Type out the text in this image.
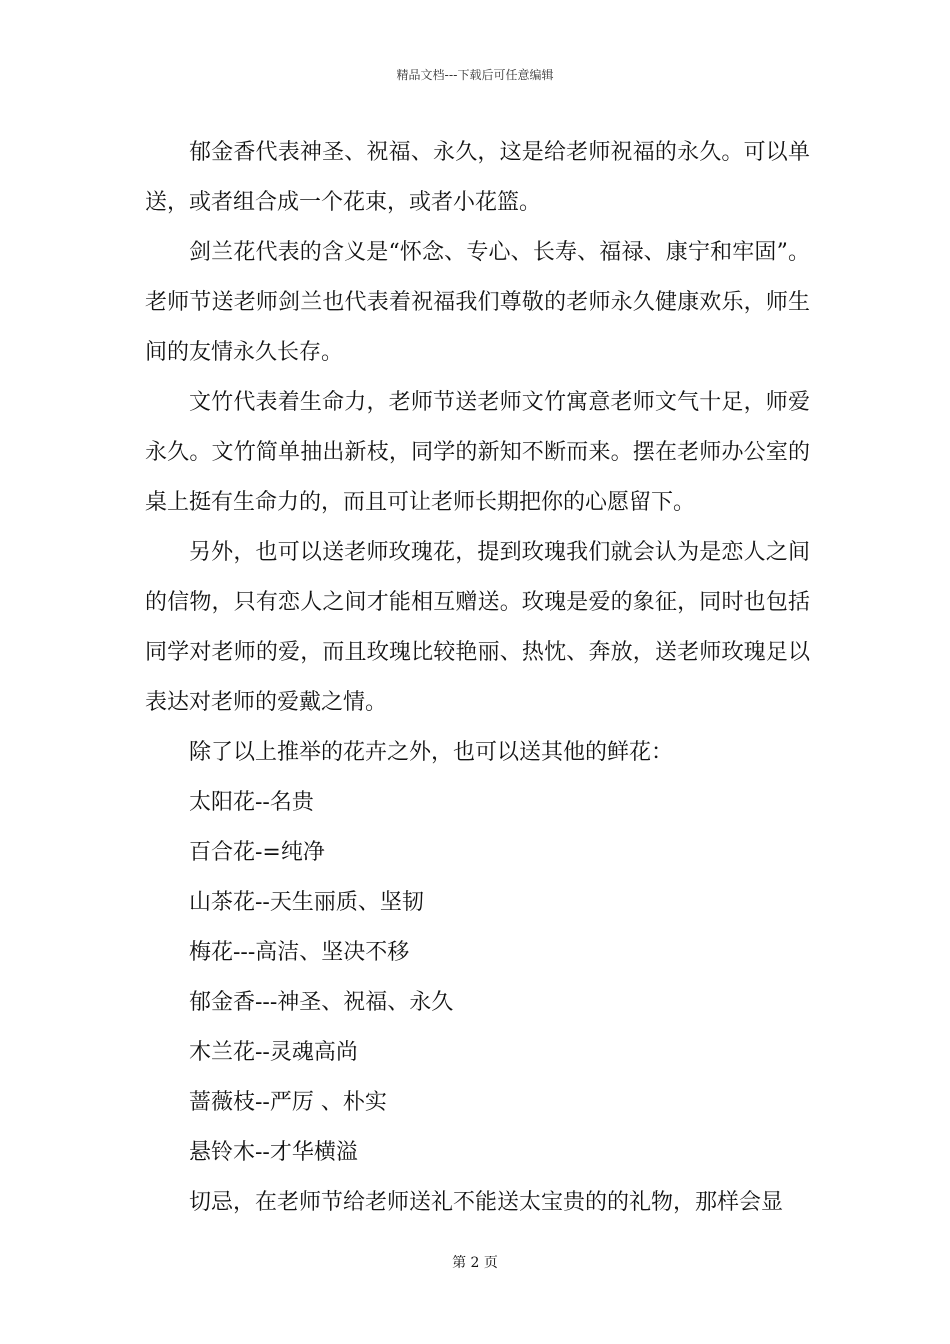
精品文档---下载后可任意编辑

郁金香代表神圣、祝福、永久，这是给老师祝福的永久。可以单送，或者组合成一个花束，或者小花篮。

剑兰花代表的含义是“怀念、专心、长寿、福禄、康宁和牢固”。老师节送老师剑兰也代表着祝福我们尊敬的老师永久健康欢乐，师生间的友情永久长存。

文竹代表着生命力，老师节送老师文竹寓意老师文气十足，师爱永久。文竹简单抽出新枝，同学的新知不断而来。摆在老师办公室的桌上挺有生命力的，而且可让老师长期把你的心愿留下。

另外，也可以送老师玫瑰花，提到玫瑰我们就会认为是恋人之间的信物，只有恋人之间才能相互赠送。玫瑰是爱的象征，同时也包括同学对老师的爱，而且玫瑰比较艳丽、热忱、奔放，送老师玫瑰足以表达对老师的爱戴之情。

除了以上推举的花卉之外，也可以送其他的鲜花：

太阳花--名贵

百合花-=纯净

山茶花--天生丽质、坚韧

梅花---高洁、坚决不移

郁金香---神圣、祝福、永久

木兰花--灵魂高尚

蔷薇枝--严厉 、朴实

悬铃木--才华横溢

切忌，在老师节给老师送礼不能送太宝贵的的礼物，那样会显

第 2 页
